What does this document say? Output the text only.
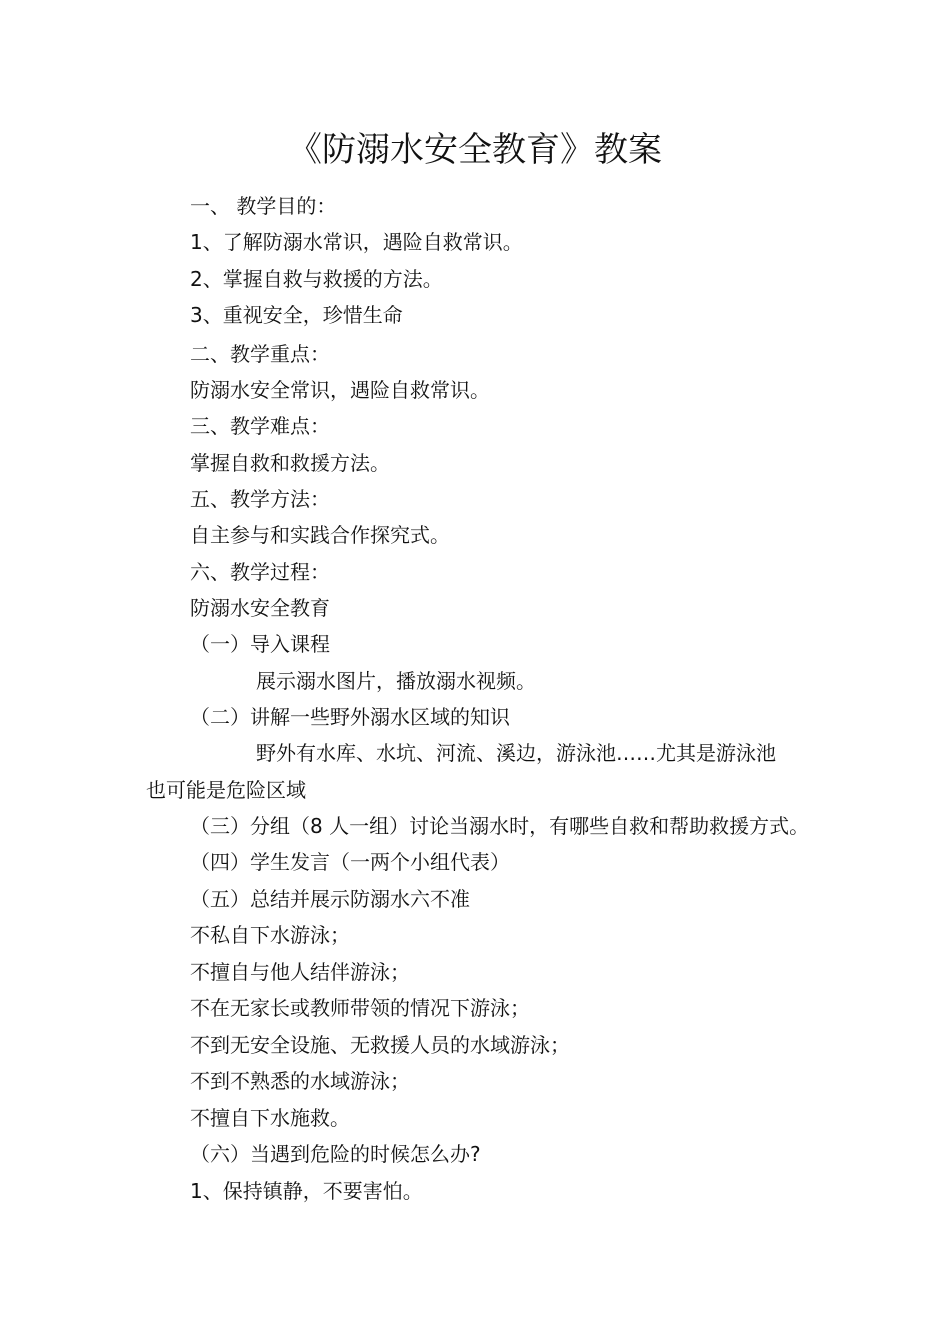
《防溺水安全教育》教案
一、 教学目的：
1、了解防溺水常识，遇险自救常识。
2、掌握自救与救援的方法。
3、重视安全，珍惜生命
二、教学重点：
防溺水安全常识，遇险自救常识。
三、教学难点：
掌握自救和救援方法。
五、教学方法：
自主参与和实践合作探究式。
六、教学过程：
防溺水安全教育
（一）导入课程
展示溺水图片，播放溺水视频。
（二）讲解一些野外溺水区域的知识
野外有水库、水坑、河流、溪边，游泳池……尤其是游泳池
也可能是危险区域
（三）分组（8 人一组）讨论当溺水时，有哪些自救和帮助救援方式。
（四）学生发言（一两个小组代表）
（五）总结并展示防溺水六不准
不私自下水游泳；
不擅自与他人结伴游泳；
不在无家长或教师带领的情况下游泳；
不到无安全设施、无救援人员的水域游泳；
不到不熟悉的水域游泳；
不擅自下水施救。
（六）当遇到危险的时候怎么办?
1、保持镇静，不要害怕。
